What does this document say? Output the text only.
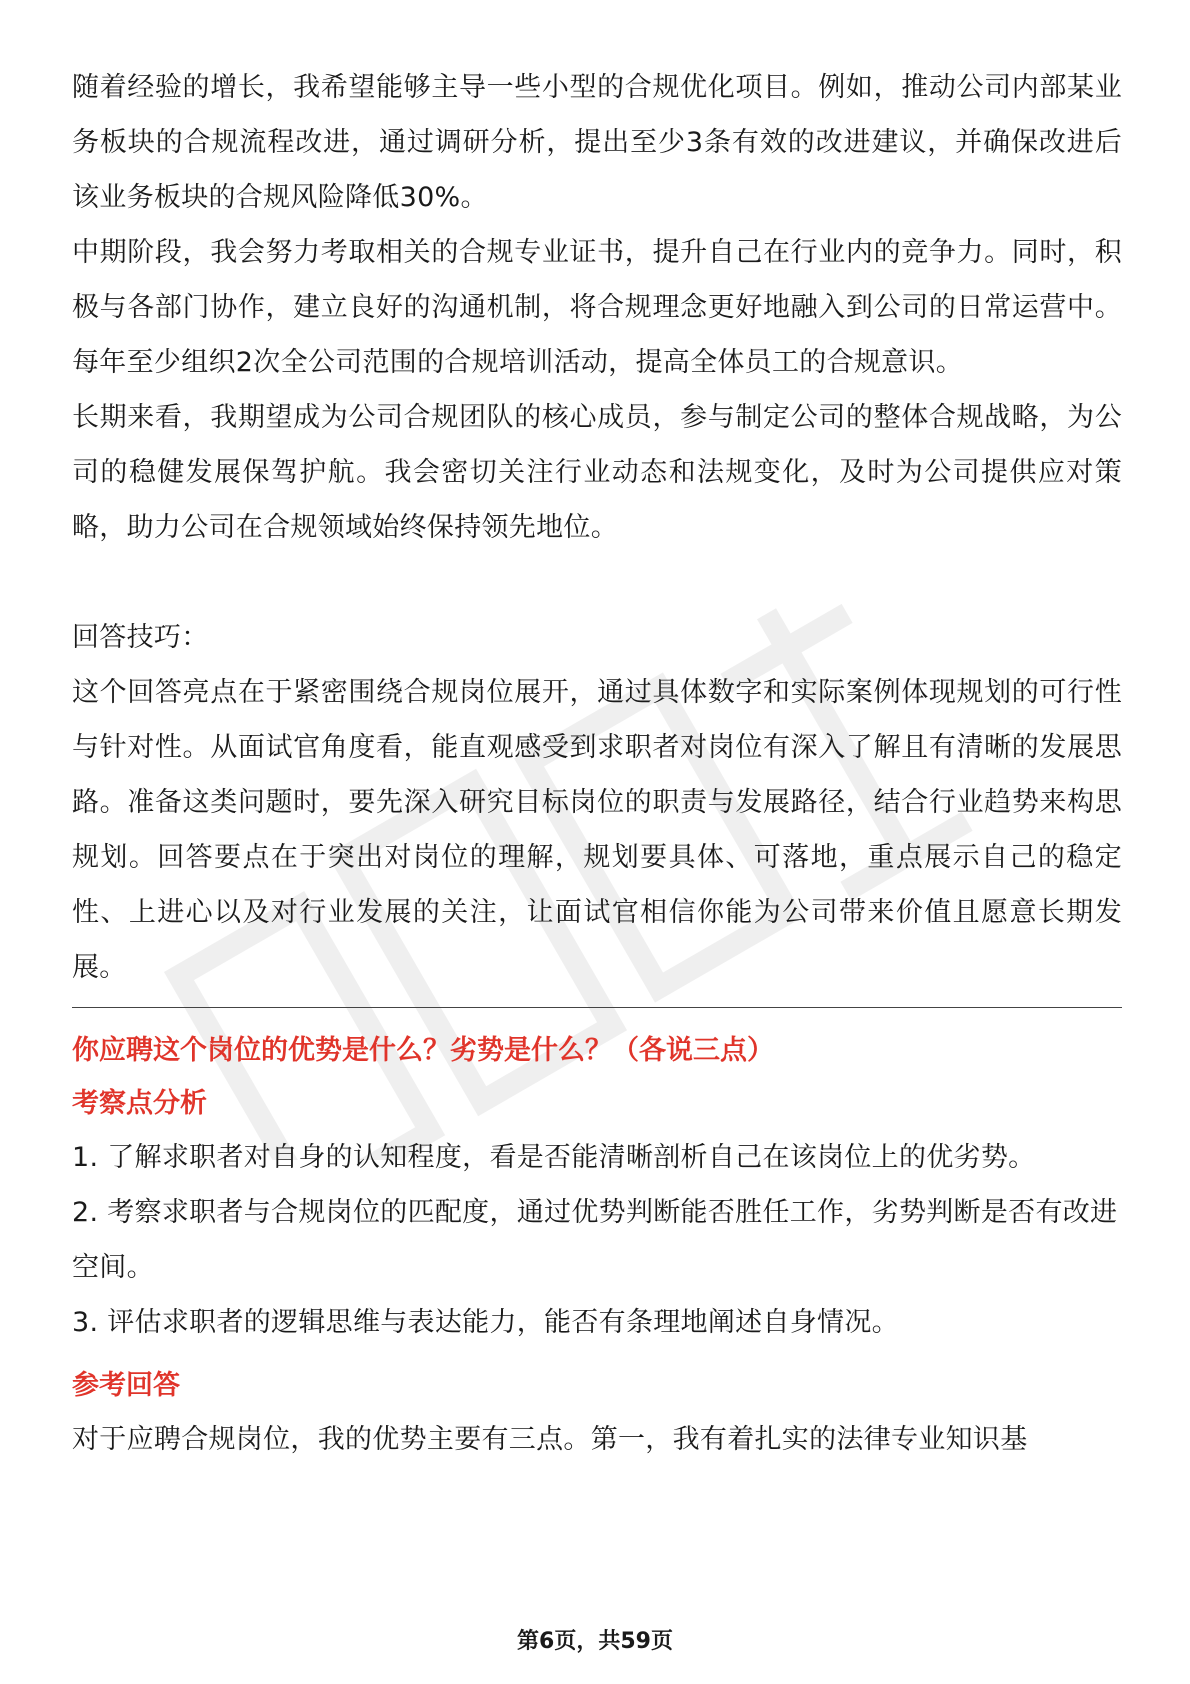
随着经验的增长，我希望能够主导一些小型的合规优化项目。例如，推动公司内部某业务板块的合规流程改进，通过调研分析，提出至少3条有效的改进建议，并确保改进后该业务板块的合规风险降低30%。

中期阶段，我会努力考取相关的合规专业证书，提升自己在行业内的竞争力。同时，积极与各部门协作，建立良好的沟通机制，将合规理念更好地融入到公司的日常运营中。每年至少组织2次全公司范围的合规培训活动，提高全体员工的合规意识。

长期来看，我期望成为公司合规团队的核心成员，参与制定公司的整体合规战略，为公司的稳健发展保驾护航。我会密切关注行业动态和法规变化，及时为公司提供应对策略，助力公司在合规领域始终保持领先地位。

回答技巧：

这个回答亮点在于紧密围绕合规岗位展开，通过具体数字和实际案例体现规划的可行性与针对性。从面试官角度看，能直观感受到求职者对岗位有深入了解且有清晰的发展思路。准备这类问题时，要先深入研究目标岗位的职责与发展路径，结合行业趋势来构思规划。回答要点在于突出对岗位的理解，规划要具体、可落地，重点展示自己的稳定性、上进心以及对行业发展的关注，让面试官相信你能为公司带来价值且愿意长期发展。

你应聘这个岗位的优势是什么？劣势是什么？（各说三点）

考察点分析

1. 了解求职者对自身的认知程度，看是否能清晰剖析自己在该岗位上的优劣势。

2. 考察求职者与合规岗位的匹配度，通过优势判断能否胜任工作，劣势判断是否有改进空间。

3. 评估求职者的逻辑思维与表达能力，能否有条理地阐述自身情况。

参考回答

对于应聘合规岗位，我的优势主要有三点。第一，我有着扎实的法律专业知识基

第6页，共59页
